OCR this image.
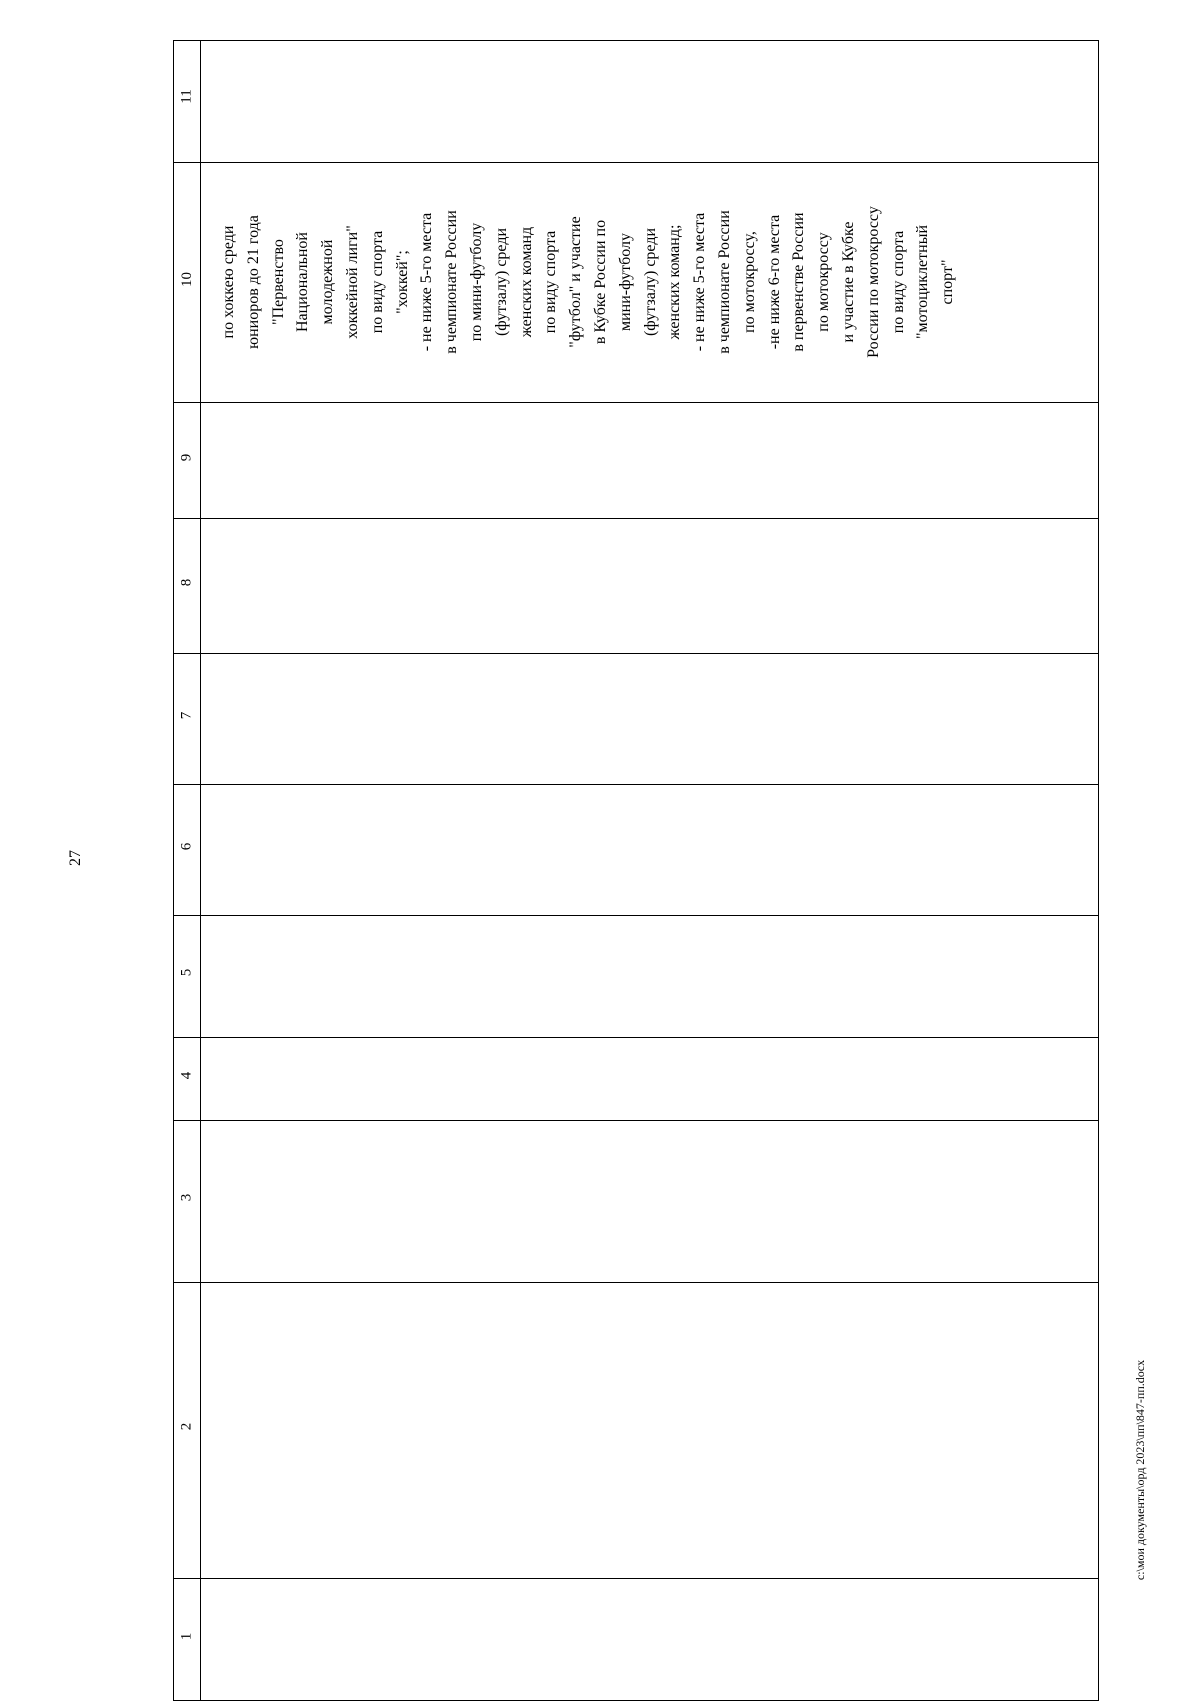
27
11
10
9
8
7
6
5
4
3
2
1
по хоккею среди юниоров до 21 года "Первенство Национальной молодежной хоккейной лиги" по виду спорта "хоккей"; - не ниже 5-го места в чемпионате России по мини-футболу (футзалу) среди женских команд по виду спорта "футбол" и участие в Кубке России по мини-футболу (футзалу) среди женских команд; - не ниже 5-го места в чемпионате России по мотокроссу, -не ниже 6-го места в первенстве России по мотокроссу и участие в Кубке России по мотокроссу по виду спорта "мотоциклетный спорт"
c:\мои документы\орд 2023\пп\847-пп.docx
